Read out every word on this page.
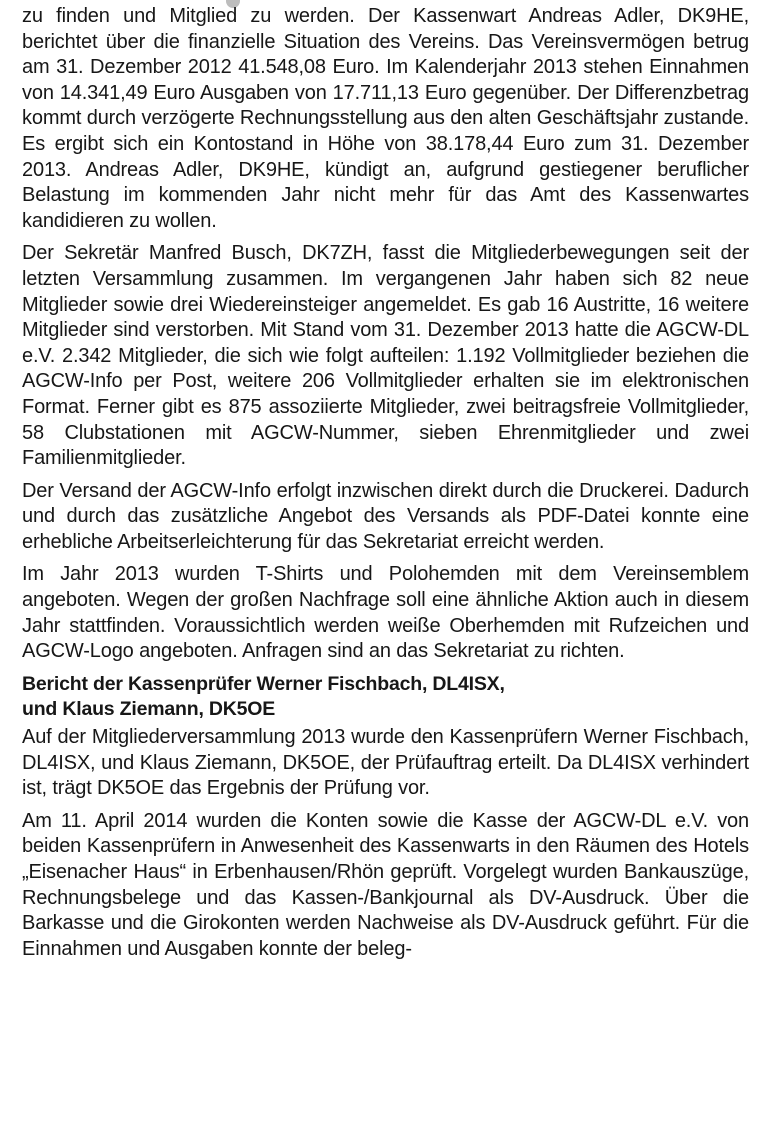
zu finden und Mitglied zu werden. Der Kassenwart Andreas Adler, DK9HE, berichtet über die finanzielle Situation des Vereins. Das Vereinsvermögen betrug am 31. Dezember 2012 41.548,08 Euro. Im Kalenderjahr 2013 stehen Einnahmen von 14.341,49 Euro Ausgaben von 17.711,13 Euro gegenüber. Der Differenzbetrag kommt durch verzögerte Rechnungsstellung aus den alten Geschäftsjahr zustande. Es ergibt sich ein Kontostand in Höhe von 38.178,44 Euro zum 31. Dezember 2013. Andreas Adler, DK9HE, kündigt an, aufgrund gestiegener beruflicher Belastung im kommenden Jahr nicht mehr für das Amt des Kassenwartes kandidieren zu wollen.

Der Sekretär Manfred Busch, DK7ZH, fasst die Mitgliederbewegungen seit der letzten Versammlung zusammen. Im vergangenen Jahr haben sich 82 neue Mitglieder sowie drei Wiedereinsteiger angemeldet. Es gab 16 Austritte, 16 weitere Mitglieder sind verstorben. Mit Stand vom 31. Dezember 2013 hatte die AGCW-DL e.V. 2.342 Mitglieder, die sich wie folgt aufteilen: 1.192 Vollmitglieder beziehen die AGCW-Info per Post, weitere 206 Vollmitglieder erhalten sie im elektronischen Format. Ferner gibt es 875 assoziierte Mitglieder, zwei beitragsfreie Vollmitglieder, 58 Clubstationen mit AGCW-Nummer, sieben Ehrenmitglieder und zwei Familienmitglieder.

Der Versand der AGCW-Info erfolgt inzwischen direkt durch die Druckerei. Dadurch und durch das zusätzliche Angebot des Versands als PDF-Datei konnte eine erhebliche Arbeitserleichterung für das Sekretariat erreicht werden.

Im Jahr 2013 wurden T-Shirts und Polohemden mit dem Vereinsemblem angeboten. Wegen der großen Nachfrage soll eine ähnliche Aktion auch in diesem Jahr stattfinden. Voraussichtlich werden weiße Oberhemden mit Rufzeichen und AGCW-Logo angeboten. Anfragen sind an das Sekretariat zu richten.

Bericht der Kassenprüfer Werner Fischbach, DL4ISX,
und Klaus Ziemann, DK5OE

Auf der Mitgliederversammlung 2013 wurde den Kassenprüfern Werner Fischbach, DL4ISX, und Klaus Ziemann, DK5OE, der Prüfauftrag erteilt. Da DL4ISX verhindert ist, trägt DK5OE das Ergebnis der Prüfung vor.

Am 11. April 2014 wurden die Konten sowie die Kasse der AGCW-DL e.V. von beiden Kassenprüfern in Anwesenheit des Kassenwarts in den Räumen des Hotels „Eisenacher Haus“ in Erbenhausen/Rhön geprüft. Vorgelegt wurden Bankauszüge, Rechnungsbelege und das Kassen-/Bankjournal als DV-Ausdruck. Über die Barkasse und die Girokonten werden Nachweise als DV-Ausdruck geführt. Für die Einnahmen und Ausgaben konnte der beleg-
